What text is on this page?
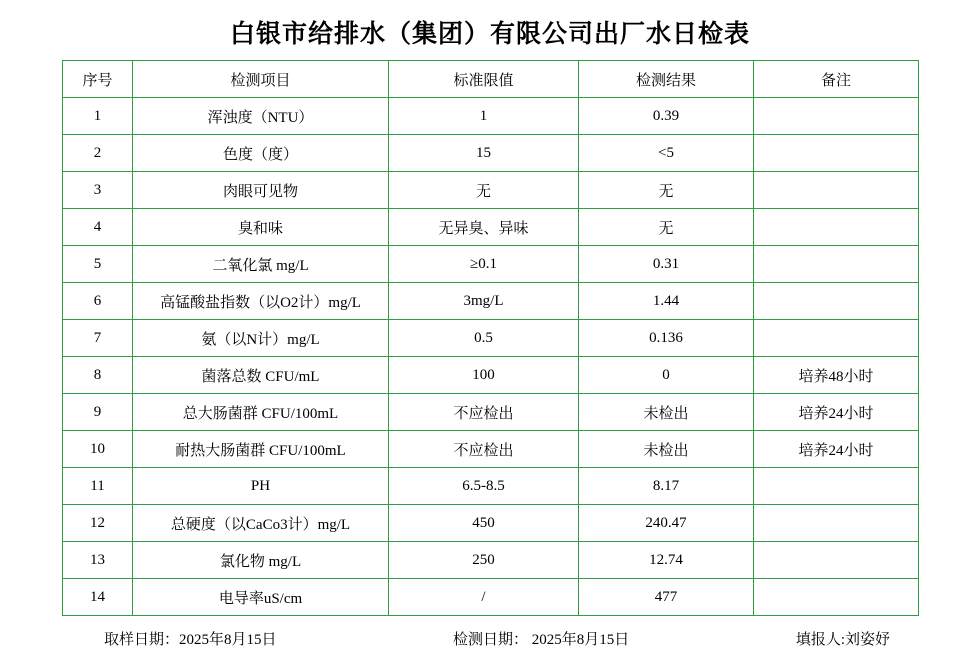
白银市给排水（集团）有限公司出厂水日检表
序号	检测项目	标准限值	检测结果	备注
1	浑浊度（NTU）	1	0.39	
2	色度（度）	15	<5	
3	肉眼可见物	无	无	
4	臭和味	无异臭、异味	无	
5	二氧化氯 mg/L	≥0.1	0.31	
6	高锰酸盐指数（以O2计）mg/L	3mg/L	1.44	
7	氨（以N计）mg/L	0.5	0.136	
8	菌落总数 CFU/mL	100	0	培养48小时
9	总大肠菌群 CFU/100mL	不应检出	未检出	培养24小时
10	耐热大肠菌群 CFU/100mL	不应检出	未检出	培养24小时
11	PH	6.5-8.5	8.17	
12	总硬度（以CaCo3计）mg/L	450	240.47	
13	氯化物 mg/L	250	12.74	
14	电导率uS/cm	/	477	
取样日期：2025年8月15日	检测日期： 2025年8月15日	填报人:刘姿妤
